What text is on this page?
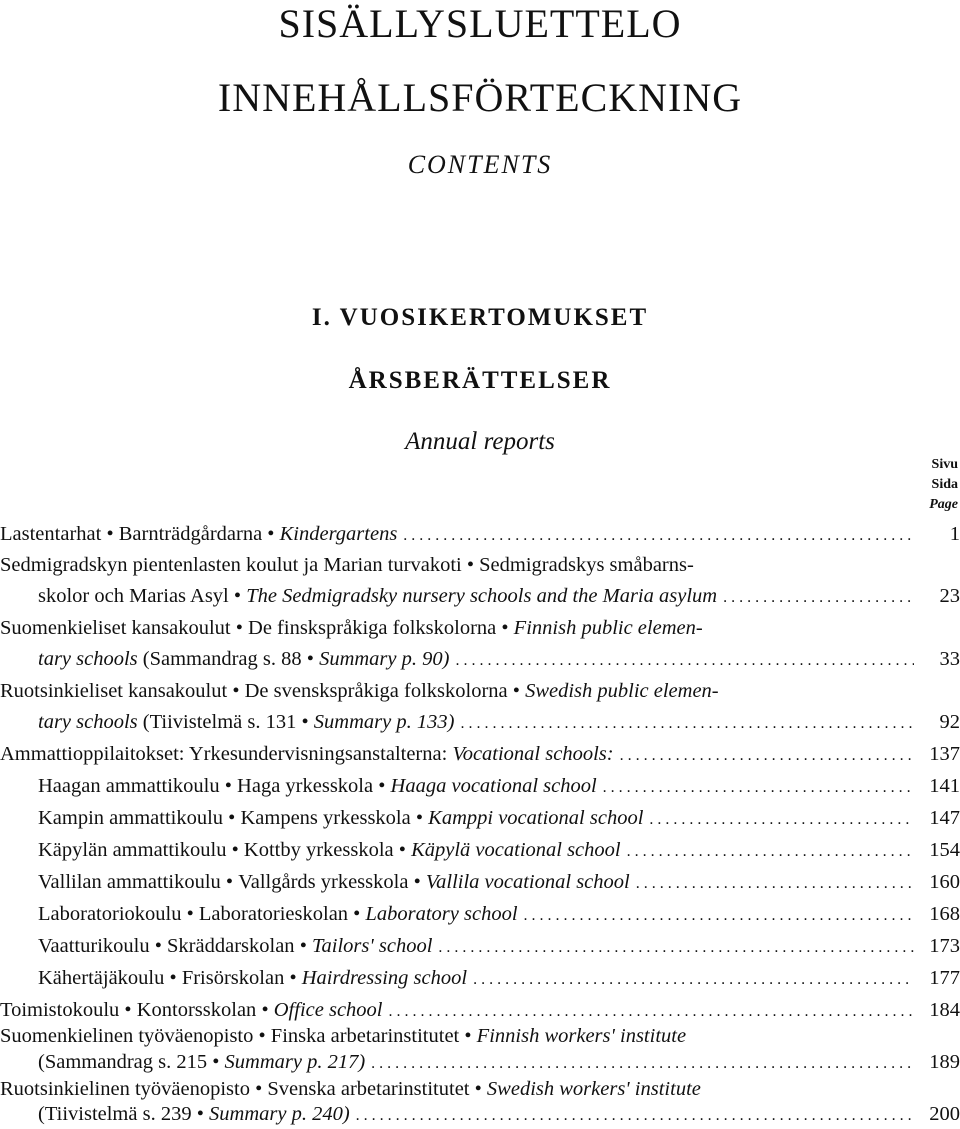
SISÄLLYSLUETTELO
INNEHÅLLSFÖRTECKNING
CONTENTS
I. VUOSIKERTOMUKSET
ÅRSBERÄTTELSER
Annual reports
Sivu
Sida
Page
Lastentarhat • Barnträdgårdarna • Kindergartens . . .	1
Sedmigradskyn pientenlasten koulut ja Marian turvakoti • Sedmigradskys småbarns-
skolor och Marias Asyl •
The Sedmigradsky nursery schools and the Maria asylum . . .	23
Suomenkieliset kansakoulut • De finskspråkiga folkskolorna •
Finnish public elemen-
tary schools
(Sammandrag s. 88 •
Summary p. 90) . . .	33
Ruotsinkieliset kansakoulut • De svenskspråkiga folkskolorna •
Swedish public elemen-
tary schools
(Tiivistelmä s. 131 •
Summary p. 133) . . .	92
Ammattioppilaitokset: Yrkesundervisningsanstalterna:
Vocational schools: . . .	137
Haagan ammattikoulu • Haga yrkesskola • Haaga vocational school . . .	141
Kampin ammattikoulu • Kampens yrkesskola • Kamppi vocational school . . .	147
Käpylän ammattikoulu • Kottby yrkesskola • Käpylä vocational school . . .	154
Vallilan ammattikoulu • Vallgårds yrkesskola • Vallila vocational school . . .	160
Laboratoriokoulu • Laboratorieskolan • Laboratory school . . .	168
Vaatturikoulu • Skräddarskolan • Tailors' school . . .	173
Kähertäjäkoulu • Frisörskolan • Hairdressing school . . .	177
Toimistokoulu • Kontorsskolan • Office school . . .	184
Suomenkielinen työväenopisto • Finska arbetarinstitutet •
Finnish workers' institute
(Sammandrag s. 215 •
Summary p. 217) . . .	189
Ruotsinkielinen työväenopisto • Svenska arbetarinstitutet •
Swedish workers' institute
(Tiivistelmä s. 239 •
Summary p. 240) . . .	200
